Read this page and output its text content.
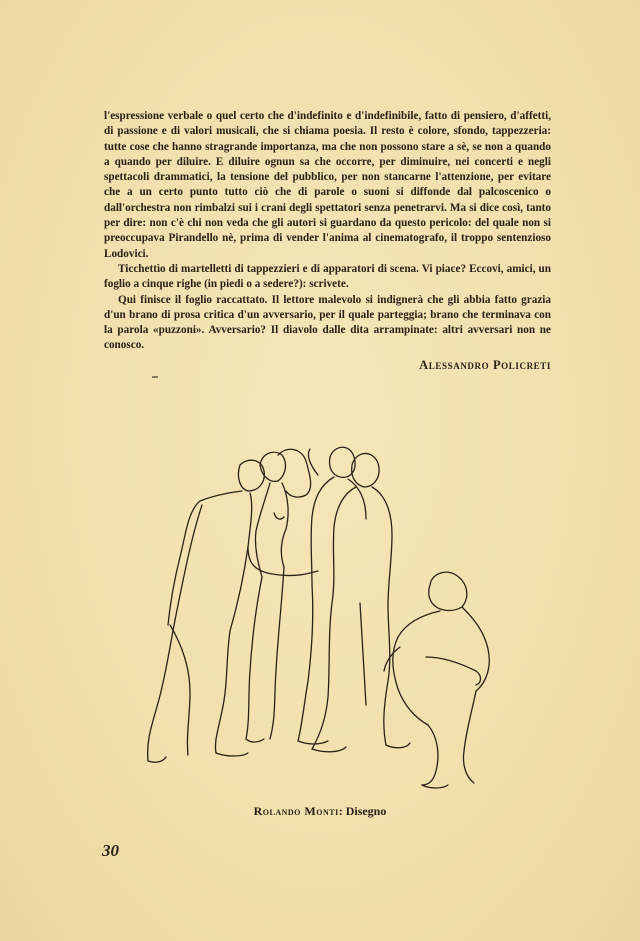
l'espressione verbale o quel certo che d'indefinito e d'indefinibile, fatto di pensiero, d'affetti, di passione e di valori musicali, che si chiama poesia. Il resto è colore, sfondo, tappezzeria: tutte cose che hanno stragrande importanza, ma che non possono stare a sè, se non a quando a quando per diluire. E diluire ognun sa che occorre, per diminuire, nei concerti e negli spettacoli drammatici, la tensione del pubblico, per non stancarne l'attenzione, per evitare che a un certo punto tutto ciò che di parole o suoni si diffonde dal palcoscenico o dall'orchestra non rimbalzi sui i crani degli spettatori senza penetrarvi. Ma si dice così, tanto per dire: non c'è chi non veda che gli autori si guardano da questo pericolo: del quale non si preoccupava Pirandello nè, prima di vender l'anima al cinematografo, il troppo sentenzioso Lodovici.

Ticchettìo di martelletti di tappezzieri e di apparatori di scena. Vi piace? Eccovi, amici, un foglio a cinque righe (in piedi o a sedere?): scrivete.

Qui finisce il foglio raccattato. Il lettore malevolo si indignerà che gli abbia fatto grazia d'un brano di prosa critica d'un avversario, per il quale parteggia; brano che terminava con la parola «puzzoni». Avversario? Il diavolo dalle dita arrampinate: altri avversari non ne conosco.

Alessandro Policreti
Rolando Monti: Disegno
30
